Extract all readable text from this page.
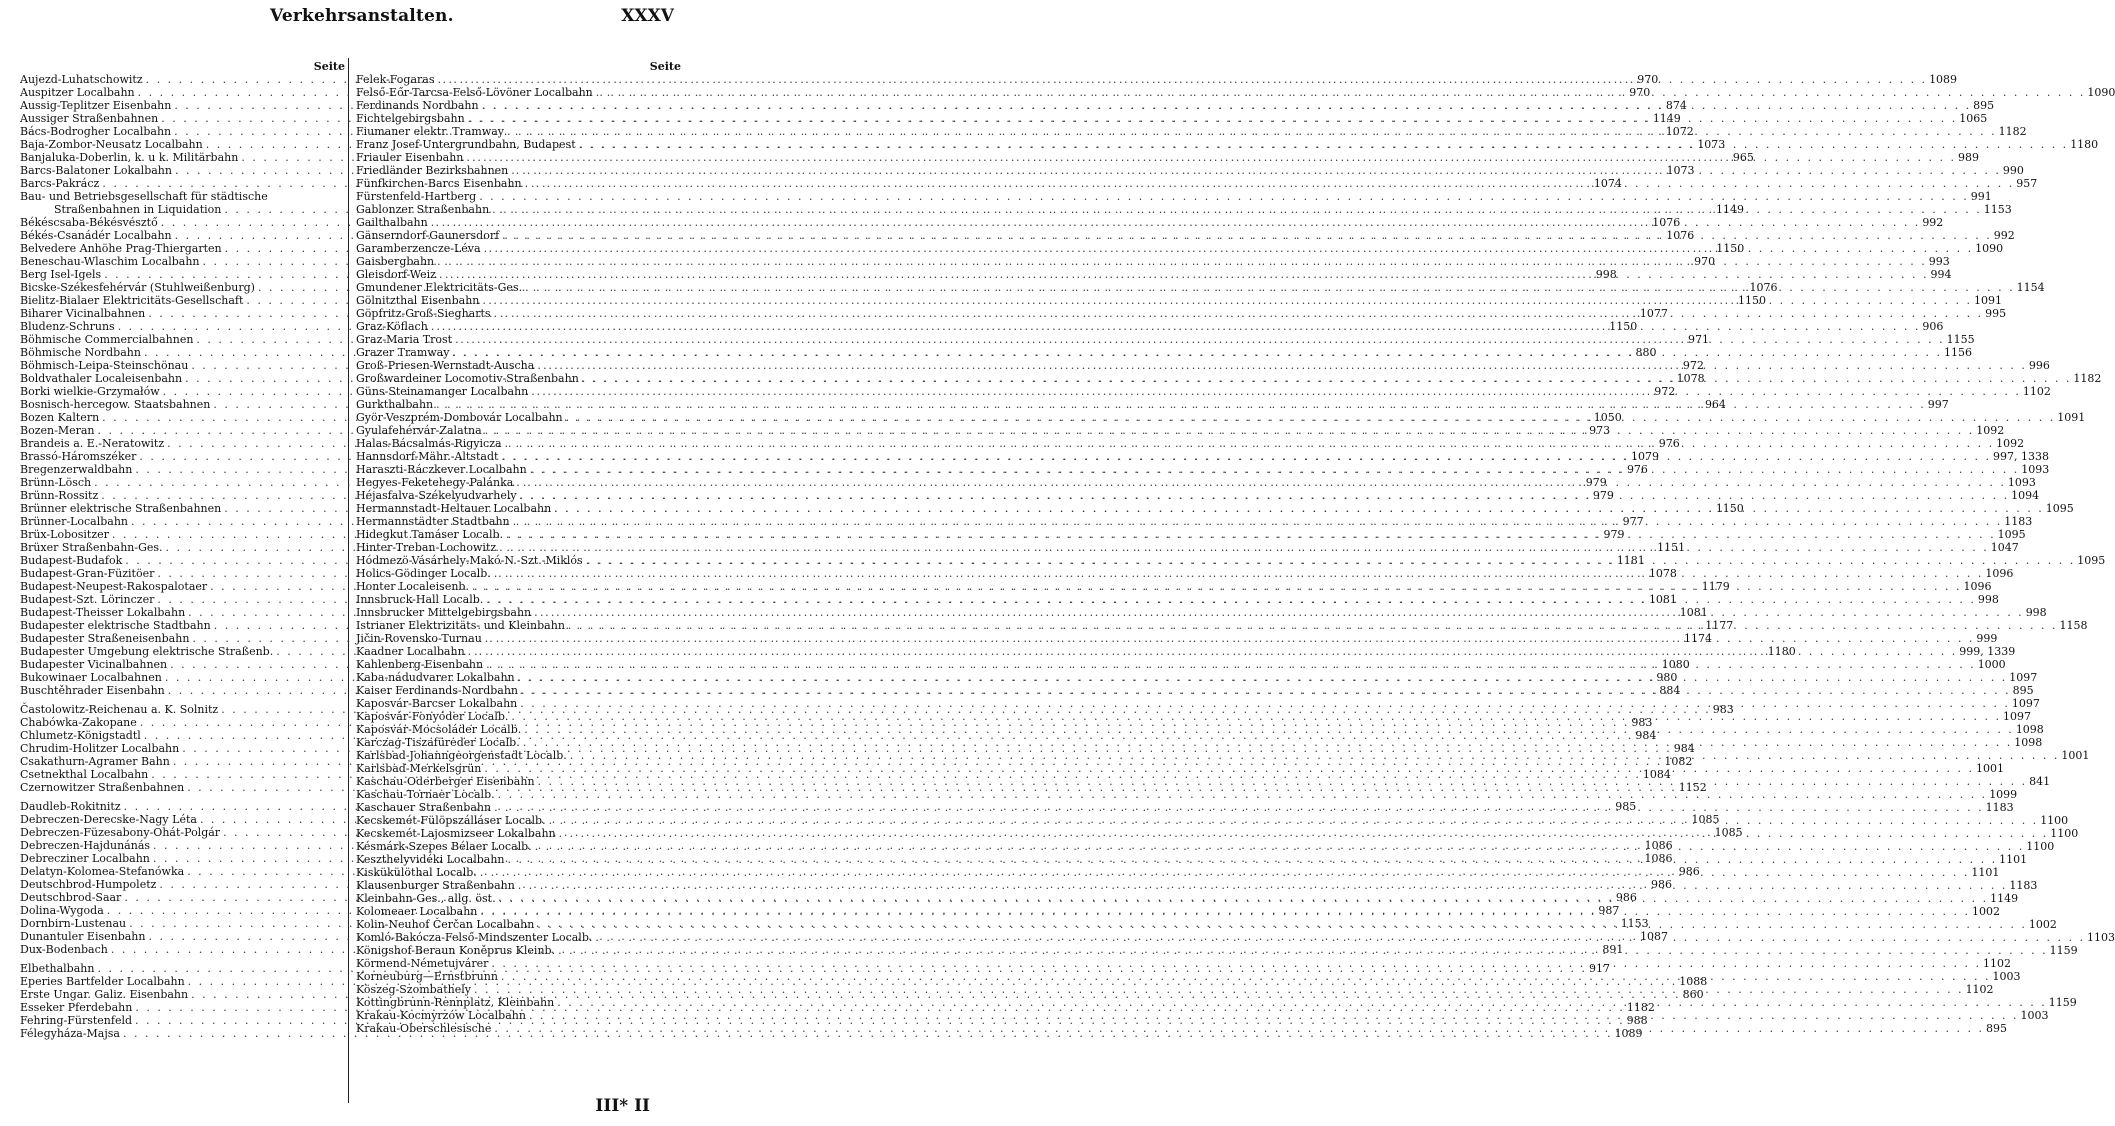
Verkehrsanstalten.	XXXV
Seite
Aujezd-Luhatschowitz . . .	970
Auspitzer Localbahn . . .	970
Aussig-Teplitzer Eisenbahn . . .	874
Aussiger Straßenbahnen . . .	1149
Bács-Bodrogher Localbahn . . .	1072
Baja-Zombor-Neusatz Localbahn . . .	1073
Banjaluka-Doberlin, k. u k. Militärbahn . . .	965
Barcs-Balatoner Lokalbahn . . .	1073
Barcs-Pakrácz . . .	1074
Bau- und Betriebsgesellschaft für städtische
Straßenbahnen in Liquidation . . .	1149
Békéscsaba-Békésvésztő . . .	1076
Békés-Csanádér Localbahn . . .	1076
Belvedere Anhöhe Prag-Thiergarten . . .	1150
Beneschau-Wlaschim Localbahn . . .	970
Berg Isel-Igels . . .	998
Bicske-Székesfehérvár (Stuhlweißenburg) . . .	1076
Bielitz-Bialaer Elektricitäts-Gesellschaft . . .	1150
Biharer Vicinalbahnen . . .	1077
Bludenz-Schruns . . .	1150
Böhmische Commercialbahnen . . .	971
Böhmische Nordbahn . . .	880
Böhmisch-Leipa-Steinschönau . . .	972
Boldvathaler Localeisenbahn . . .	1078
Borki wielkie-Grzymałów . . .	972
Bosnisch-hercegow. Staatsbahnen . . .	964
Bozen Kaltern . . .	1050
Bozen-Meran . . .	973
Brandeis a. E.-Neratowitz . . .	976
Brassó-Háromszéker . . .	1079
Bregenzerwaldbahn . . .	976
Brünn-Lösch . . .	979
Brünn-Rossitz . . .	979
Brünner elektrische Straßenbahnen . . .	1150
Brünner-Localbahn . . .	977
Brüx-Lobositzer . . .	979
Brüxer Straßenbahn-Ges. . . .	1151
Budapest-Budafok . . .	1181
Budapest-Gran-Füzitöer . . .	1078
Budapest-Neupest-Rakospalotaer . . .	1179
Budapest-Szt. Lörinczer . . .	1081
Budapest-Theisser Lokalbahn . . .	1081
Budapester elektrische Stadtbahn . . .	1177
Budapester Straßeneisenbahn . . .	1174
Budapester Umgebung elektrische Straßenb. . . .	1180
Budapester Vicinalbahnen . . .	1080
Bukowinaer Localbahnen . . .	980
Buschtěhrader Eisenbahn . . .	884
Častolowitz-Reichenau a. K. Solnitz . . .	983
Chabówka-Zakopane . . .	983
Chlumetz-Königstadtl . . .	984
Chrudim-Holitzer Localbahn . . .	984
Csakathurn-Agramer Bahn . . .	1082
Csetnekthal Localbahn . . .	1084
Czernowitzer Straßenbahnen . . .	1152
Daudleb-Rokitnitz . . .	985
Debreczen-Derecske-Nagy Léta . . .	1085
Debreczen-Füzesabony-Ohát-Polgár . . .	1085
Debreczen-Hajdunánás . . .	1086
Debrecziner Localbahn . . .	1086
Delatyn-Kolomea-Stefanówka . . .	986
Deutschbrod-Humpoletz . . .	986
Deutschbrod-Saar . . .	986
Dolina-Wygoda . . .	987
Dornbirn-Lustenau . . .	1153
Dunantuler Eisenbahn . . .	1087
Dux-Bodenbach . . .	891
Elbethalbahn . . .	917
Eperies Bartfelder Localbahn . . .	1088
Erste Ungar. Galiz. Eisenbahn . . .	860
Esseker Pferdebahn . . .	1182
Fehring-Fürstenfeld . . .	988
Félegyháza-Majsa . . .	1089
Seite
Felek-Fogaras . . .	1089
Felső-Eőr-Tarcsa-Felső-Lövöner Localbahn . . .	1090
Ferdinands Nordbahn . . .	895
Fichtelgebirgsbahn . . .	1065
Fiumaner elektr. Tramway . . .	1182
Franz Josef-Untergrundbahn, Budapest . . .	1180
Friauler Eisenbahn . . .	989
Friedländer Bezirksbahnen . . .	990
Fünfkirchen-Barcs Eisenbahn . . .	957
Fürstenfeld-Hartberg . . .	991
Gablonzer Straßenbahn . . .	1153
Gailthalbahn . . .	992
Gänserndorf-Gaunersdorf . . .	992
Garamberzencze-Léva . . .	1090
Gaisbergbahn . . .	993
Gleisdorf-Weiz . . .	994
Gmundener Elektricitäts-Ges. . . .	1154
Gölnitzthal Eisenbahn . . .	1091
Göpfritz-Groß-Siegharts . . .	995
Graz-Köflach . . .	906
Graz-Maria Trost . . .	1155
Grazer Tramway . . .	1156
Groß-Priesen-Wernstadt-Auscha . . .	996
Großwardeiner Locomotiv-Straßenbahn . . .	1182
Güns-Steinamanger Localbahn . . .	1102
Gurkthalbahn . . .	997
Györ-Veszprém-Dombovár Localbahn . . .	1091
Gyulafehérvár-Zalatna . . .	1092
Halas-Bácsalmás-Rigyicza . . .	1092
Hannsdorf-Mähr.-Altstadt . . .	997, 1338
Haraszti-Ráczkever Localbahn . . .	1093
Hegyes-Feketehegy-Palánka . . .	1093
Héjasfalva-Székelyudvarhely . . .	1094
Hermannstadt-Heltauer Localbahn . . .	1095
Hermannstädter Stadtbahn . . .	1183
Hidegkut Tamáser Localb. . . .	1095
Hinter-Treban-Lochowitz . . .	1047
Hódmezö-Vásárhely-Makó-N.-Szt.-Miklós . . .	1095
Holics-Gödinger Localb. . . .	1096
Honter Localeisenb. . . .	1096
Innsbruck-Hall Localb. . . .	998
Innsbrucker Mittelgebirgsbahn . . .	998
Istrianer Elektrizitäts- und Kleinbahn . . .	1158
Jičin-Rovensko-Turnau . . .	999
Kaadner Localbahn . . .	999, 1339
Kahlenberg-Eisenbahn . . .	1000
Kaba-nádudvarer Lokalbahn . . .	1097
Kaiser Ferdinands-Nordbahn . . .	895
Kaposvár-Barcser Lokalbahn . . .	1097
Kaposvár-Fonyóder Localb. . . .	1097
Kaposvár-Mocsoláder Localb. . . .	1098
Karczag-Tiszafüreder Localb. . . .	1098
Karlsbad-Johanngeorgenstadt Localb. . . .	1001
Karlsbad-Merkelsgrün . . .	1001
Kaschau-Oderberger Eisenbahn . . .	841
Kaschau-Tornaer Localb. . . .	1099
Kaschauer Straßenbahn . . .	1183
Kecskemét-Fülöpszálláser Localb. . . .	1100
Kecskemét-Lajosmizseer Lokalbahn . . .	1100
Késmárk-Szepes Bélaer Localb. . . .	1100
Keszthelyvidéki Localbahn . . .	1101
Kiskükülöthal Localb. . . .	1101
Klausenburger Straßenbahn . . .	1183
Kleinbahn-Ges., allg. öst. . . .	1149
Kolomeaer Localbahn . . .	1002
Kolin-Neuhof Čerčan Localbahn . . .	1002
Komló-Bakócza-Felső-Mindszenter Localb. . . .	1103
Königshof-Beraun Koněprus Kleinb. . . .	1159
Körmend-Németujvárer . . .	1102
Korneuburg—Ernstbrunn . . .	1003
Köszeg-Szombathely . . .	1102
Kottingbrunn-Rennplatz, Kleinbahn . . .	1159
Krakau-Kocmyrzów Localbahn . . .	1003
Krakau-Oberschlesische . . .	895
III* II
